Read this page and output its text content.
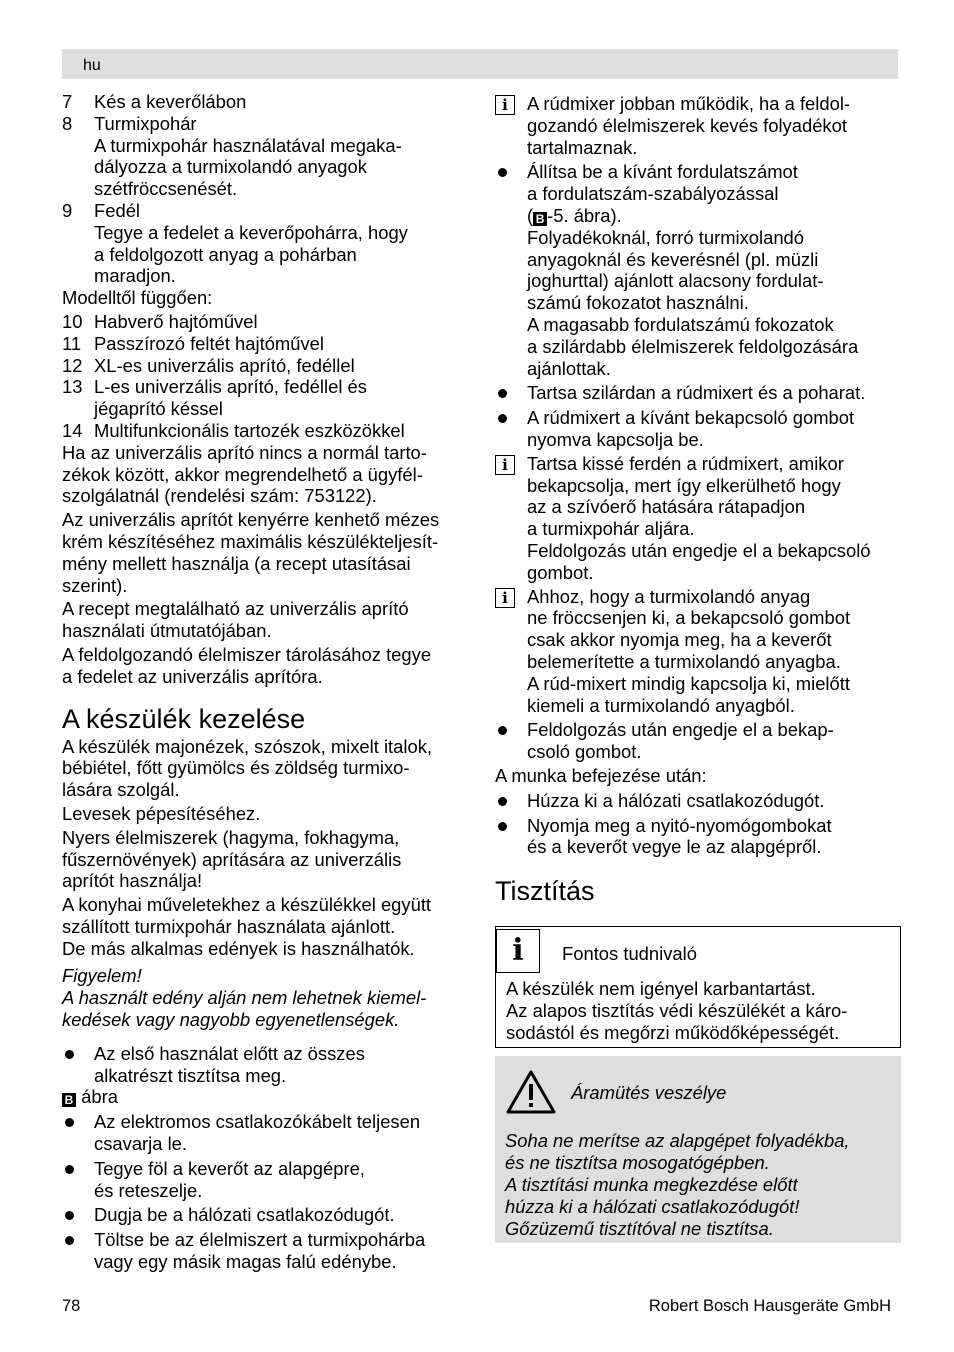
hu
7	Kés a keverőlábon
8	Turmixpohár

A turmixpohár használatával megaka-

dályozza a turmixolandó anyagok

szétfröccsenését.

9	Fedél

Tegye a fedelet a keverőpohárra, hogy

a feldolgozott anyag a pohárban

maradjon.

Modelltől függően:

10 Habverő hajtóművel
11 Passzírozó feltét hajtóművel
12 XL-es univerzális aprító, fedéllel
13 L-es univerzális aprító, fedéllel és
jégaprító késsel
14 Multifunkcionális tartozék eszközökkel

Ha az univerzális aprító nincs a normál tarto-

zékok között, akkor megrendelhető a ügyfél-

szolgálatnál (rendelési szám: 753122).

Az univerzális aprítót kenyérre kenhető mézes

krém készítéséhez maximális készülékteljesít-

mény mellett használja (a recept utasításai

szerint).

A recept megtalálható az univerzális aprító

használati útmutatójában.

A feldolgozandó élelmiszer tárolásához tegye

a fedelet az univerzális aprítóra.

A készülék kezelése

A készülék majonézek, szószok, mixelt italok,

bébiétel, főtt gyümölcs és zöldség turmixo-

lására szolgál.

Levesek pépesítéséhez.

Nyers élelmiszerek (hagyma, fokhagyma,

fűszernövények) aprítására az univerzális

aprítót használja!

A konyhai műveletekhez a készülékkel együtt

szállított turmixpohár használata ajánlott.

De más alkalmas edények is használhatók.

Figyelem!

A használt edény alján nem lehetnek kiemel-

kedések vagy nagyobb egyenetlenségek.

Az első használat előtt az összes
alkatrészt tisztítsa meg.

B ábra

Az elektromos csatlakozókábelt teljesen
csavarja le.
Tegye föl a keverőt az alapgépre,
és reteszelje.
Dugja be a hálózati csatlakozódugót.
Töltse be az élelmiszert a turmixpohárba
vagy egy másik magas falú edénybe.
i	A rúdmixer jobban működik, ha a feldol-

gozandó élelmiszerek kevés folyadékot

tartalmaznak.

Állítsa be a kívánt fordulatszámot

a fordulatszám-szabályozással

( B -5. ábra).

Folyadékoknál, forró turmixolandó

anyagoknál és keverésnél (pl. müzli

joghurttal) ajánlott alacsony fordulat-

számú fokozatot használni.

A magasabb fordulatszámú fokozatok

a szilárdabb élelmiszerek feldolgozására

ajánlottak.

Tartsa szilárdan a rúdmixert és a poharat.
A rúdmixert a kívánt bekapcsoló gombot
nyomva kapcsolja be.
i	Tartsa kissé ferdén a rúdmixert, amikor

bekapcsolja, mert így elkerülhető hogy

az a szívóerő hatására rátapadjon

a turmixpohár aljára.

Feldolgozás után engedje el a bekapcsoló

gombot.

i	Ahhoz, hogy a turmixolandó anyag

ne fröccsenjen ki, a bekapcsoló gombot

csak akkor nyomja meg, ha a keverőt

belemerítette a turmixolandó anyagba.

A rúd-mixert mindig kapcsolja ki, mielőtt

kiemeli a turmixolandó anyagból.

Feldolgozás után engedje el a bekap-
csoló gombot.

A munka befejezése után:

Húzza ki a hálózati csatlakozódugót.
Nyomja meg a nyitó-nyomógombokat
és a keverőt vegye le az alapgépről.
Tisztítás
i	Fontos tudnivaló

A készülék nem igényel karbantartást.

Az alapos tisztítás védi készülékét a káro-

sodástól és megőrzi működőképességét.

Áramütés veszélye

Soha ne merítse az alapgépet folyadékba,

és ne tisztítsa mosogatógépben.

A tisztítási munka megkezdése előtt

húzza ki a hálózati csatlakozódugót!

Gőzüzemű tisztítóval ne tisztítsa.

78	Robert Bosch Hausgeräte GmbH
